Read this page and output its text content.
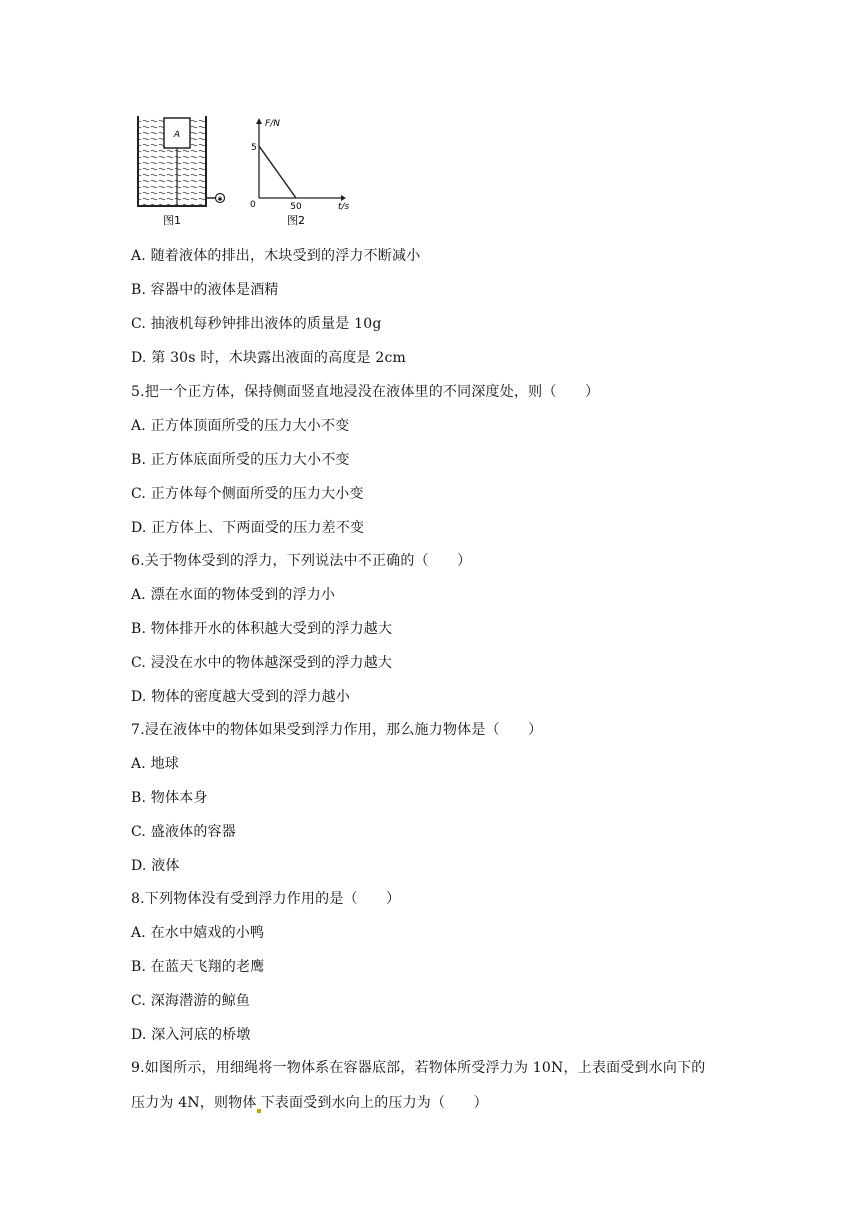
A
✱
图1
F/N
5
0	50	t/s
图2
A. 随着液体的排出，木块受到的浮力不断减小
B. 容器中的液体是酒精
C. 抽液机每秒钟排出液体的质量是 10g
D. 第 30s 时，木块露出液面的高度是 2cm
5.把一个正方体，保持侧面竖直地浸没在液体里的不同深度处，则（　　）
A. 正方体顶面所受的压力大小不变
B. 正方体底面所受的压力大小不变
C. 正方体每个侧面所受的压力大小变
D. 正方体上、下两面受的压力差不变
6.关于物体受到的浮力，下列说法中不正确的（　　）
A. 漂在水面的物体受到的浮力小
B. 物体排开水的体积越大受到的浮力越大
C. 浸没在水中的物体越深受到的浮力越大
D. 物体的密度越大受到的浮力越小
7.浸在液体中的物体如果受到浮力作用，那么施力物体是（　　）
A. 地球
B. 物体本身
C. 盛液体的容器
D. 液体
8.下列物体没有受到浮力作用的是（　　）
A. 在水中嬉戏的小鸭
B. 在蓝天飞翔的老鹰
C. 深海潜游的鲸鱼
D. 深入河底的桥墩
9.如图所示，用细绳将一物体系在容器底部，若物体所受浮力为 10N，上表面受到水向下的
压力为 4N，则物体 下表面受到水向上的压力为（　　）
